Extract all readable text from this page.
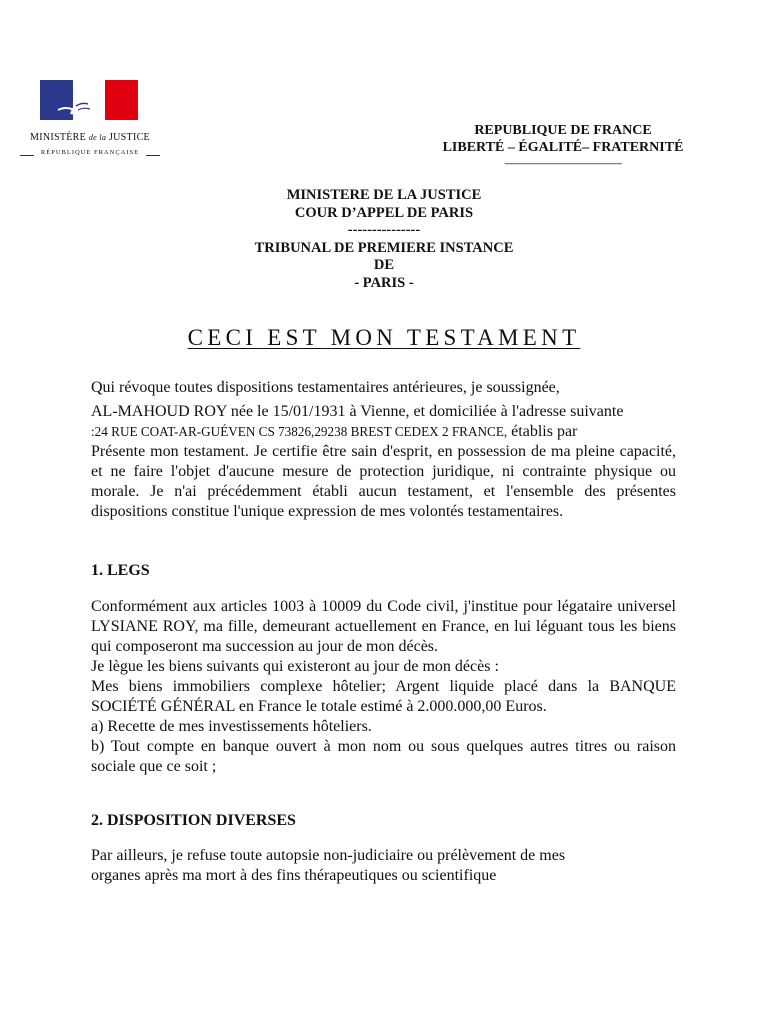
MINISTÈRE de la JUSTICE
RÉPUBLIQUE FRANÇAISE
REPUBLIQUE DE FRANCE
LIBERTÉ – ÉGALITÉ– FRATERNITÉ
-----------------------------------------------
MINISTERE DE LA JUSTICE
COUR D’APPEL DE PARIS
---------------
TRIBUNAL DE PREMIERE INSTANCE
DE
- PARIS -
CECI EST MON TESTAMENT
Qui révoque toutes dispositions testamentaires antérieures, je soussignée,
AL-MAHOUD ROY née le 15/01/1931 à Vienne, et domiciliée à l'adresse suivante
:24 RUE COAT-AR-GUÉVEN CS 73826,29238 BREST CEDEX 2 FRANCE, établis par
Présente mon testament. Je certifie être sain d'esprit, en possession de ma pleine capacité, et ne faire l'objet d'aucune mesure de protection juridique, ni contrainte physique ou morale. Je n'ai précédemment établi aucun testament, et l'ensemble des présentes dispositions constitue l'unique expression de mes volontés testamentaires.
1. LEGS
Conformément aux articles 1003 à 10009 du Code civil, j'institue pour légataire universel LYSIANE ROY, ma fille, demeurant actuellement en France, en lui léguant tous les biens qui composeront ma succession au jour de mon décès.
Je lègue les biens suivants qui existeront au jour de mon décès :
Mes biens immobiliers complexe hôtelier; Argent liquide placé dans la BANQUE SOCIÉTÉ GÉNÉRAL en France le totale estimé à 2.000.000,00 Euros.
a) Recette de mes investissements hôteliers.
b) Tout compte en banque ouvert à mon nom ou sous quelques autres titres ou raison sociale que ce soit ;
2. DISPOSITION DIVERSES
Par ailleurs, je refuse toute autopsie non-judiciaire ou prélèvement de mes
organes après ma mort à des fins thérapeutiques ou scientifique
